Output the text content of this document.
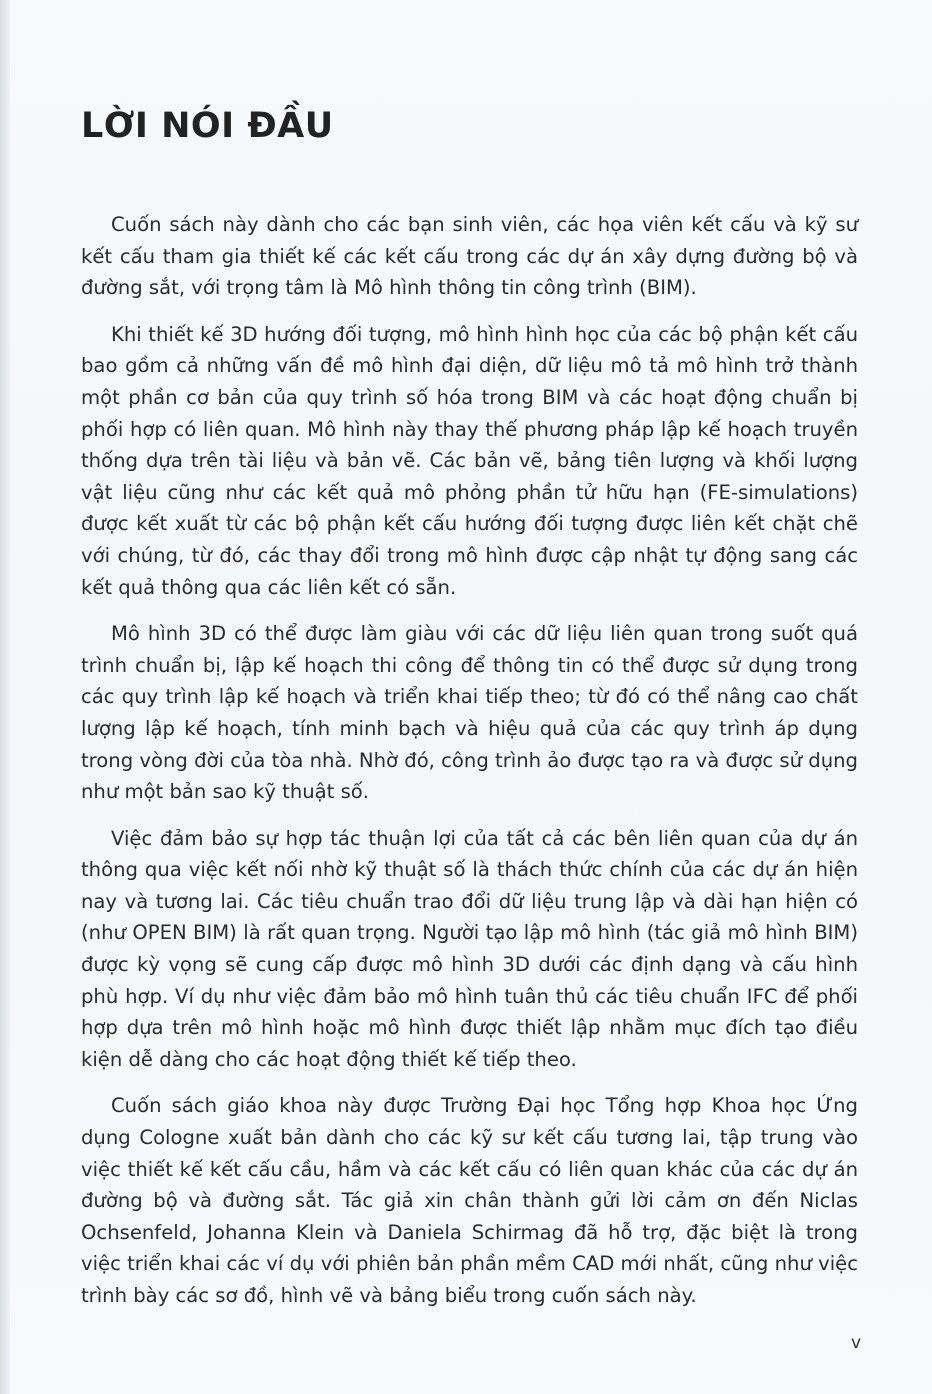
LỜI NÓI ĐẦU

Cuốn sách này dành cho các bạn sinh viên, các họa viên kết cấu và kỹ sư kết cấu tham gia thiết kế các kết cấu trong các dự án xây dựng đường bộ và đường sắt, với trọng tâm là Mô hình thông tin công trình (BIM).

Khi thiết kế 3D hướng đối tượng, mô hình hình học của các bộ phận kết cấu bao gồm cả những vấn đề mô hình đại diện, dữ liệu mô tả mô hình trở thành một phần cơ bản của quy trình số hóa trong BIM và các hoạt động chuẩn bị phối hợp có liên quan. Mô hình này thay thế phương pháp lập kế hoạch truyền thống dựa trên tài liệu và bản vẽ. Các bản vẽ, bảng tiên lượng và khối lượng vật liệu cũng như các kết quả mô phỏng phần tử hữu hạn (FE-simulations) được kết xuất từ các bộ phận kết cấu hướng đối tượng được liên kết chặt chẽ với chúng, từ đó, các thay đổi trong mô hình được cập nhật tự động sang các kết quả thông qua các liên kết có sẵn.

Mô hình 3D có thể được làm giàu với các dữ liệu liên quan trong suốt quá trình chuẩn bị, lập kế hoạch thi công để thông tin có thể được sử dụng trong các quy trình lập kế hoạch và triển khai tiếp theo; từ đó có thể nâng cao chất lượng lập kế hoạch, tính minh bạch và hiệu quả của các quy trình áp dụng trong vòng đời của tòa nhà. Nhờ đó, công trình ảo được tạo ra và được sử dụng như một bản sao kỹ thuật số.

Việc đảm bảo sự hợp tác thuận lợi của tất cả các bên liên quan của dự án thông qua việc kết nối nhờ kỹ thuật số là thách thức chính của các dự án hiện nay và tương lai. Các tiêu chuẩn trao đổi dữ liệu trung lập và dài hạn hiện có (như OPEN BIM) là rất quan trọng. Người tạo lập mô hình (tác giả mô hình BIM) được kỳ vọng sẽ cung cấp được mô hình 3D dưới các định dạng và cấu hình phù hợp. Ví dụ như việc đảm bảo mô hình tuân thủ các tiêu chuẩn IFC để phối hợp dựa trên mô hình hoặc mô hình được thiết lập nhằm mục đích tạo điều kiện dễ dàng cho các hoạt động thiết kế tiếp theo.

Cuốn sách giáo khoa này được Trường Đại học Tổng hợp Khoa học Ứng dụng Cologne xuất bản dành cho các kỹ sư kết cấu tương lai, tập trung vào việc thiết kế kết cấu cầu, hầm và các kết cấu có liên quan khác của các dự án đường bộ và đường sắt. Tác giả xin chân thành gửi lời cảm ơn đến Niclas Ochsenfeld, Johanna Klein và Daniela Schirmag đã hỗ trợ, đặc biệt là trong việc triển khai các ví dụ với phiên bản phần mềm CAD mới nhất, cũng như việc trình bày các sơ đồ, hình vẽ và bảng biểu trong cuốn sách này.

v
